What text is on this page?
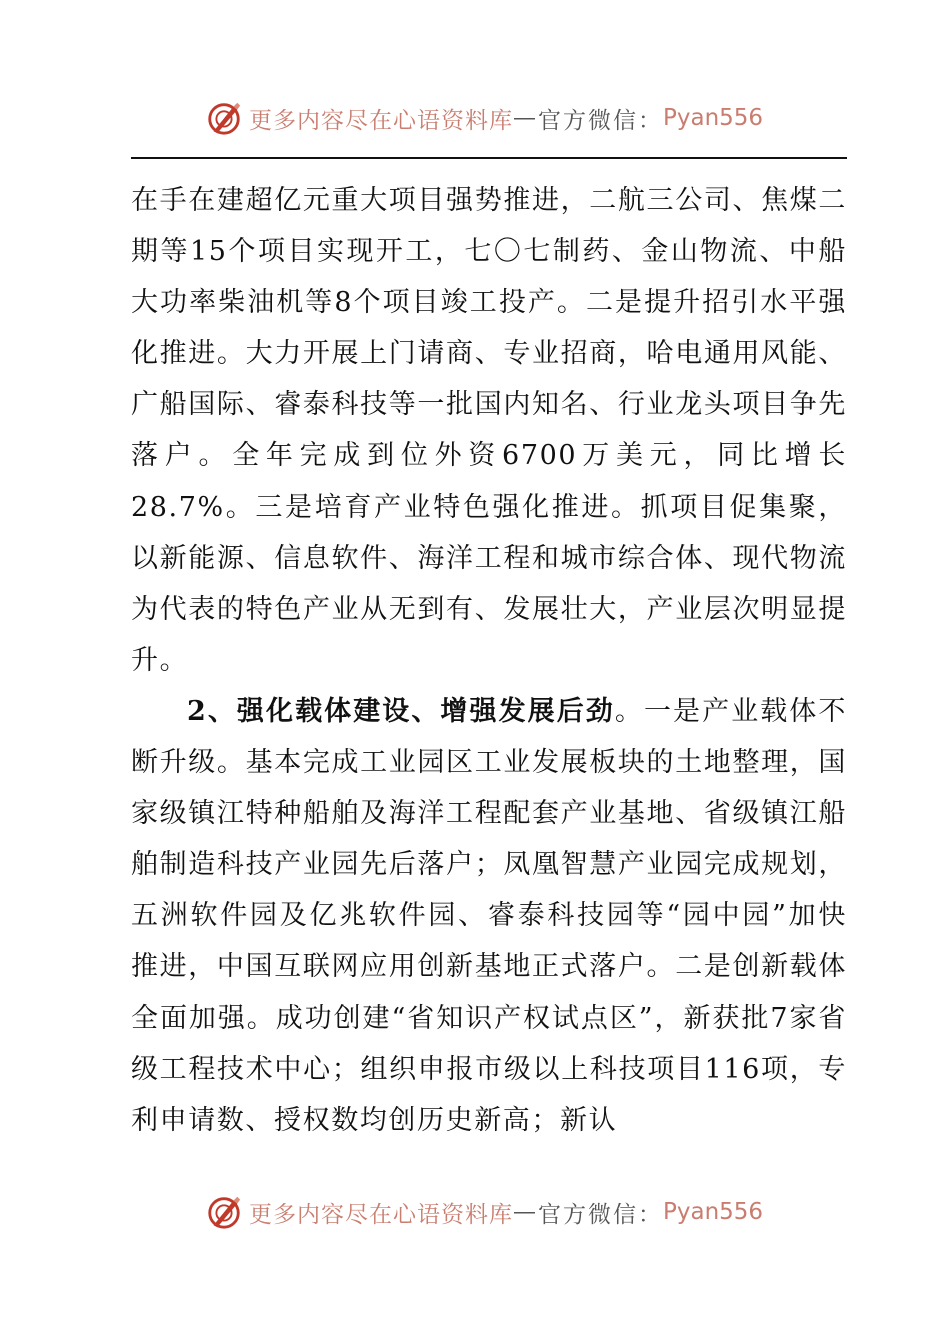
更多内容尽在心语资料库 — 官方微信： Pyan556

在手在建超亿元重大项目强势推进，二航三公司、焦煤二期等15个项目实现开工，七〇七制药、金山物流、中船大功率柴油机等8个项目竣工投产。二是提升招引水平强化推进。大力开展上门请商、专业招商，哈电通用风能、广船国际、睿泰科技等一批国内知名、行业龙头项目争先落户。全年完成到位外资6700万美元，同比增长28.7%。三是培育产业特色强化推进。抓项目促集聚，以新能源、信息软件、海洋工程和城市综合体、现代物流为代表的特色产业从无到有、发展壮大，产业层次明显提升。

2、强化载体建设、增强发展后劲。一是产业载体不断升级。基本完成工业园区工业发展板块的土地整理，国家级镇江特种船舶及海洋工程配套产业基地、省级镇江船舶制造科技产业园先后落户；凤凰智慧产业园完成规划，五洲软件园及亿兆软件园、睿泰科技园等“园中园”加快推进，中国互联网应用创新基地正式落户。二是创新载体全面加强。成功创建“省知识产权试点区”，新获批7家省级工程技术中心；组织申报市级以上科技项目116项，专利申请数、授权数均创历史新高；新认

更多内容尽在心语资料库 — 官方微信： Pyan556
